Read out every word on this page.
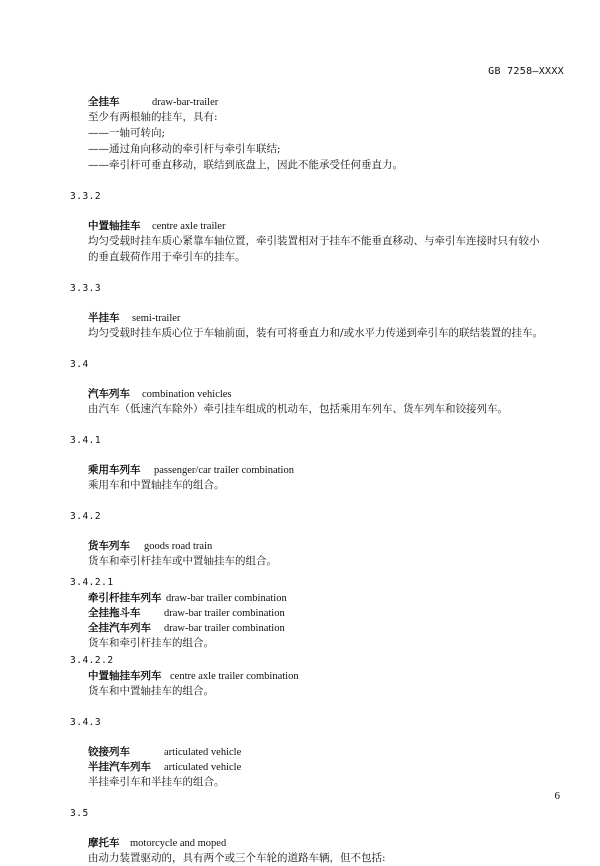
GB 7258—XXXX
全挂车	draw-bar-trailer
至少有两根轴的挂车，具有:
——一轴可转向;
——通过角向移动的牵引杆与牵引车联结;
——牵引杆可垂直移动，联结到底盘上，因此不能承受任何垂直力。
3.3.2
中置轴挂车 centre axle trailer
均匀受载时挂车质心紧靠车轴位置，牵引装置相对于挂车不能垂直移动、与牵引车连接时只有较小
的垂直载荷作用于牵引车的挂车。
3.3.3
半挂车 semi-trailer
均匀受载时挂车质心位于车轴前面，装有可将垂直力和/或水平力传递到牵引车的联结装置的挂车。
3.4
汽车列车 combination vehicles
由汽车（低速汽车除外）牵引挂车组成的机动车，包括乘用车列车、货车列车和铰接列车。
3.4.1
乘用车列车 passenger/car trailer combination
乘用车和中置轴挂车的组合。
3.4.2
货车列车 goods road train
货车和牵引杆挂车或中置轴挂车的组合。
3.4.2.1
牵引杆挂车列车 draw-bar trailer combination
全挂拖斗车 draw-bar trailer combination
全挂汽车列车 draw-bar trailer combination
货车和牵引杆挂车的组合。
3.4.2.2
中置轴挂车列车 centre axle trailer combination
货车和中置轴挂车的组合。
3.4.3
铰接列车	articulated vehicle
半挂汽车列车 articulated vehicle
半挂牵引车和半挂车的组合。
3.5
摩托车 motorcycle and moped
由动力装置驱动的，具有两个或三个车轮的道路车辆，但不包括:
6
